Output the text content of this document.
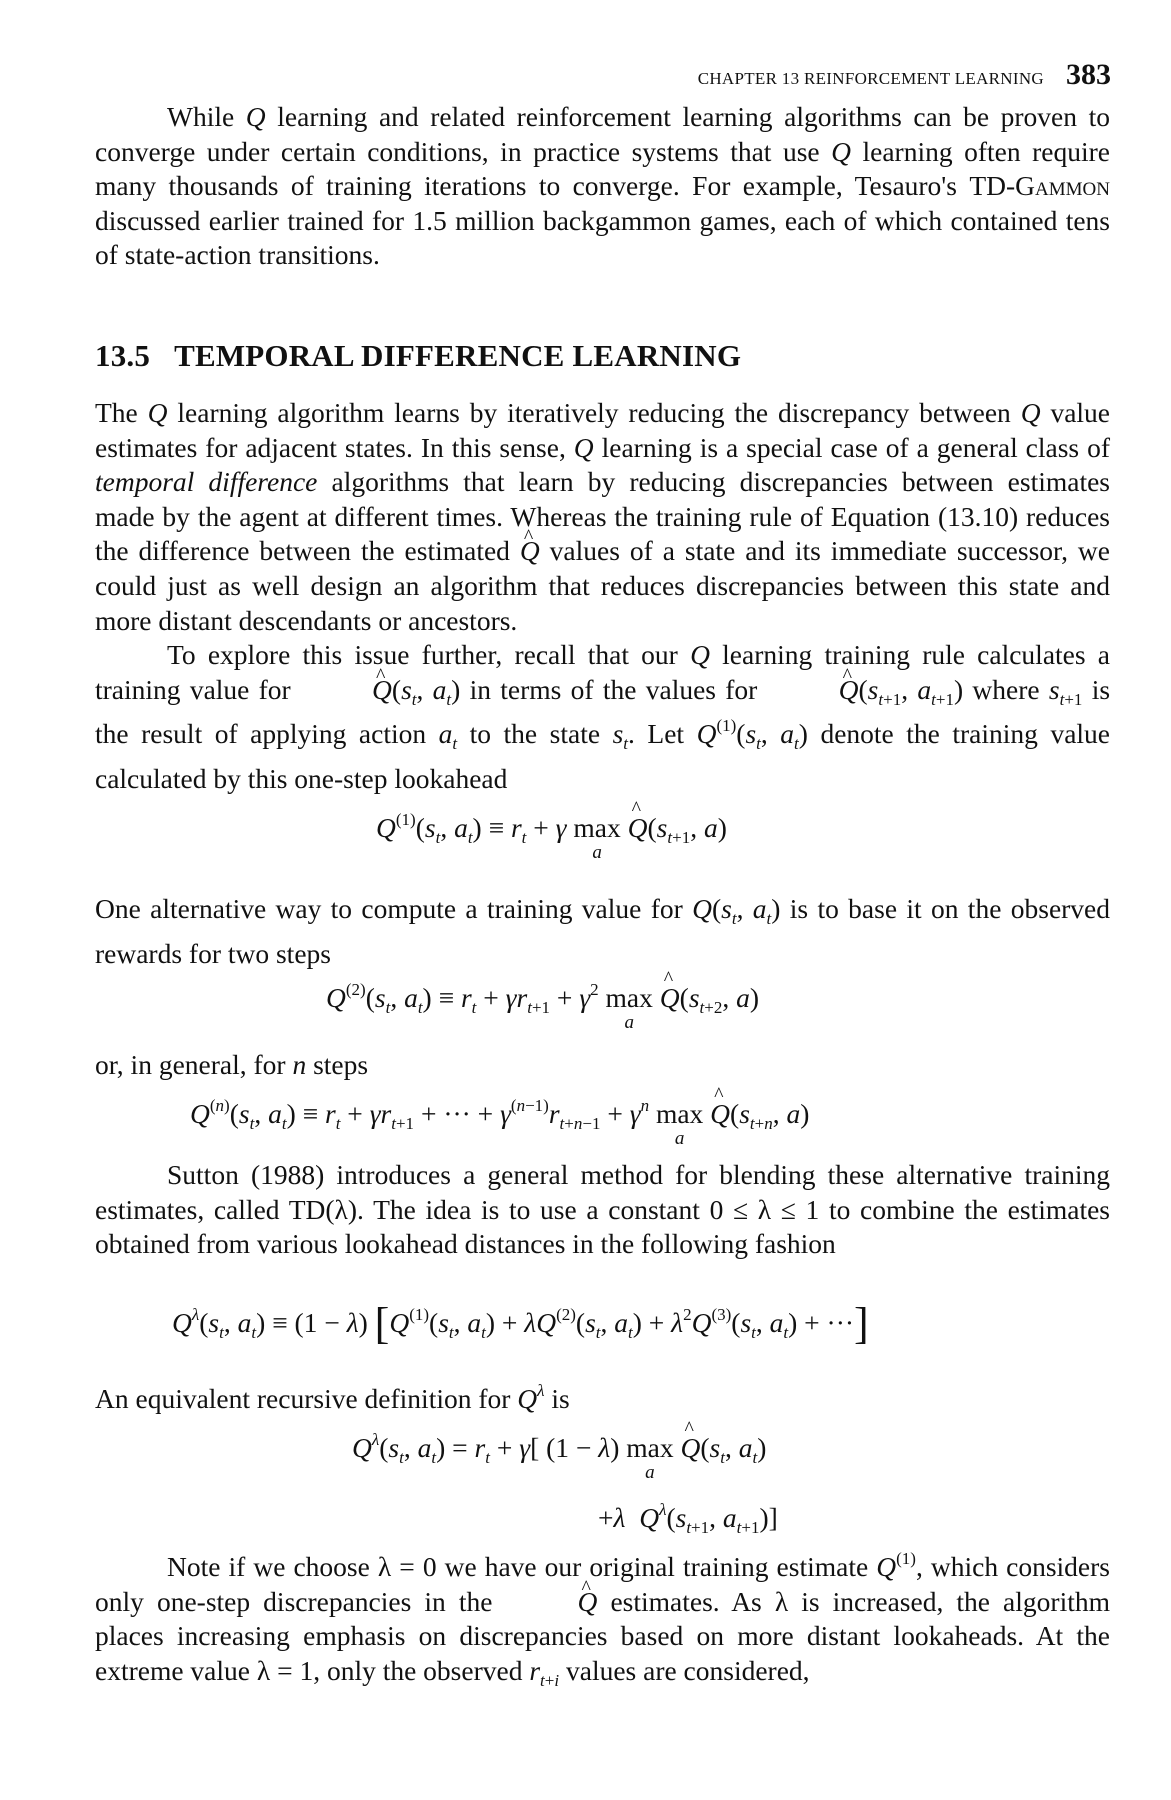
CHAPTER 13 REINFORCEMENT LEARNING 383

While Q learning and related reinforcement learning algorithms can be proven to converge under certain conditions, in practice systems that use Q learning often require many thousands of training iterations to converge. For example, Tesauro's TD-Gammon discussed earlier trained for 1.5 million backgammon games, each of which contained tens of state-action transitions.

13.5 TEMPORAL DIFFERENCE LEARNING

The Q learning algorithm learns by iteratively reducing the discrepancy between Q value estimates for adjacent states. In this sense, Q learning is a special case of a general class of temporal difference algorithms that learn by reducing discrepancies between estimates made by the agent at different times. Whereas the training rule of Equation (13.10) reduces the difference between the estimated ^ Q values of a state and its immediate successor, we could just as well design an algorithm that reduces discrepancies between this state and more distant descendants or ancestors.

To explore this issue further, recall that our Q learning training rule calculates a training value for	^ $Q(s_t$, $a_t$) in terms of the values for	^ $Q(s_{t+1}$, $a_{t+1}$) where $s_{t+1}$ is the result of applying action $a_t$ to the state $s_t$. Let $Q^{(1)}(s_t$, $a_t$) denote the training value calculated by this one-step lookahead

$Q^{(1)}(s_t$, $a_t) \equiv r_t + \gamma$ max
a
^ $Q(s_{t+1}$, a)

One alternative way to compute a training value for $Q(s_t$, $a_t$) is to base it on the observed rewards for two steps

$Q^{(2)}(s_t$, $a_t) \equiv r_t + \gamma r_{t+1} + \gamma^2$ max
a
^ $Q(s_{t+2}$, a)

or, in general, for n steps

$Q^{(n)}(s_t$, $a_t) \equiv r_t + \gamma r_{t+1}$ + ··· + $\gamma^{(n-1)}r_{t+n-1} + \gamma^n$ max
a
^ $Q(s_{t+n}$, a)

Sutton (1988) introduces a general method for blending these alternative training estimates, called TD(λ). The idea is to use a constant 0 ≤ λ ≤ 1 to combine the estimates obtained from various lookahead distances in the following fashion

$Q^\lambda(s_t$, $a_t) \equiv (1 - \lambda)$ [$Q^{(1)}(s_t$, $a_t) + \lambda Q^{(2)}(s_t$, $a_t) + \lambda^2Q^{(3)}(s_t$, $a_t$) + ···]

An equivalent recursive definition for $Q^\lambda$ is

$Q^\lambda(s_t$, $a_t) = r_t + \gamma$[ (1 − λ) max
a
^ $Q(s_t$, $a_t$)
+λ $Q^\lambda(s_{t+1}$, $a_{t+1}$)]

Note if we choose λ = 0 we have our original training estimate $Q^{(1)}$, which considers only one-step discrepancies in the	^ Q estimates. As λ is increased, the algorithm places increasing emphasis on discrepancies based on more distant lookaheads. At the extreme value λ = 1, only the observed $r_{t+i}$ values are considered,
